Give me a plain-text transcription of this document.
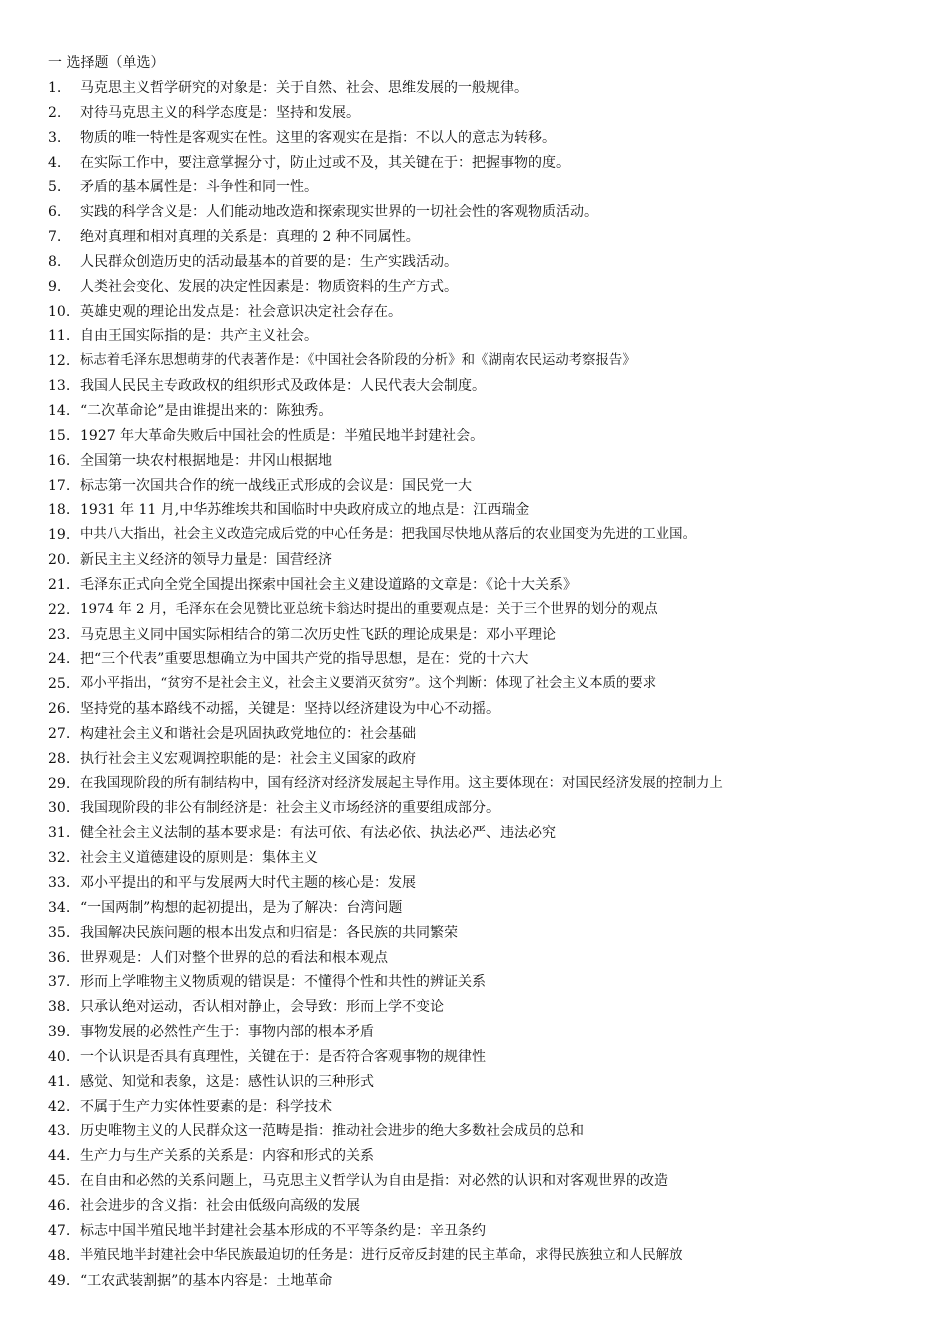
一 选择题（单选）
1.	马克思主义哲学研究的对象是：关于自然、社会、思维发展的一般规律。
2.	对待马克思主义的科学态度是：坚持和发展。
3.	物质的唯一特性是客观实在性。这里的客观实在是指：不以人的意志为转移。
4.	在实际工作中，要注意掌握分寸，防止过或不及，其关键在于：把握事物的度。
5.	矛盾的基本属性是：斗争性和同一性。
6.	实践的科学含义是：人们能动地改造和探索现实世界的一切社会性的客观物质活动。
7.	绝对真理和相对真理的关系是：真理的 2 种不同属性。
8.	人民群众创造历史的活动最基本的首要的是：生产实践活动。
9.	人类社会变化、发展的决定性因素是：物质资料的生产方式。
10. 英雄史观的理论出发点是：社会意识决定社会存在。
11. 自由王国实际指的是：共产主义社会。
12. 标志着毛泽东思想萌芽的代表著作是：《中国社会各阶段的分析》和《湖南农民运动考察报告》
13. 我国人民民主专政政权的组织形式及政体是：人民代表大会制度。
14. “二次革命论”是由谁提出来的：陈独秀。
15. 1927 年大革命失败后中国社会的性质是：半殖民地半封建社会。
16. 全国第一块农村根据地是：井冈山根据地
17. 标志第一次国共合作的统一战线正式形成的会议是：国民党一大
18. 1931 年 11 月,中华苏维埃共和国临时中央政府成立的地点是：江西瑞金
19. 中共八大指出，社会主义改造完成后党的中心任务是：把我国尽快地从落后的农业国变为先进的工业国。
20. 新民主主义经济的领导力量是：国营经济
21. 毛泽东正式向全党全国提出探索中国社会主义建设道路的文章是：《论十大关系》
22. 1974 年 2 月，毛泽东在会见赞比亚总统卡翁达时提出的重要观点是：关于三个世界的划分的观点
23. 马克思主义同中国实际相结合的第二次历史性飞跃的理论成果是：邓小平理论
24. 把“三个代表”重要思想确立为中国共产党的指导思想，是在：党的十六大
25. 邓小平指出，“贫穷不是社会主义，社会主义要消灭贫穷”。这个判断：体现了社会主义本质的要求
26. 坚持党的基本路线不动摇，关键是：坚持以经济建设为中心不动摇。
27. 构建社会主义和谐社会是巩固执政党地位的：社会基础
28. 执行社会主义宏观调控职能的是：社会主义国家的政府
29. 在我国现阶段的所有制结构中，国有经济对经济发展起主导作用。这主要体现在：对国民经济发展的控制力上
30. 我国现阶段的非公有制经济是：社会主义市场经济的重要组成部分。
31. 健全社会主义法制的基本要求是：有法可依、有法必依、执法必严、违法必究
32. 社会主义道德建设的原则是：集体主义
33. 邓小平提出的和平与发展两大时代主题的核心是：发展
34. “一国两制”构想的起初提出，是为了解决：台湾问题
35. 我国解决民族问题的根本出发点和归宿是：各民族的共同繁荣
36. 世界观是：人们对整个世界的总的看法和根本观点
37. 形而上学唯物主义物质观的错误是：不懂得个性和共性的辨证关系
38. 只承认绝对运动，否认相对静止，会导致：形而上学不变论
39. 事物发展的必然性产生于：事物内部的根本矛盾
40. 一个认识是否具有真理性，关键在于：是否符合客观事物的规律性
41. 感觉、知觉和表象，这是：感性认识的三种形式
42. 不属于生产力实体性要素的是：科学技术
43. 历史唯物主义的人民群众这一范畴是指：推动社会进步的绝大多数社会成员的总和
44. 生产力与生产关系的关系是：内容和形式的关系
45. 在自由和必然的关系问题上，马克思主义哲学认为自由是指：对必然的认识和对客观世界的改造
46. 社会进步的含义指：社会由低级向高级的发展
47. 标志中国半殖民地半封建社会基本形成的不平等条约是：辛丑条约
48. 半殖民地半封建社会中华民族最迫切的任务是：进行反帝反封建的民主革命，求得民族独立和人民解放
49. “工农武装割据”的基本内容是：土地革命
